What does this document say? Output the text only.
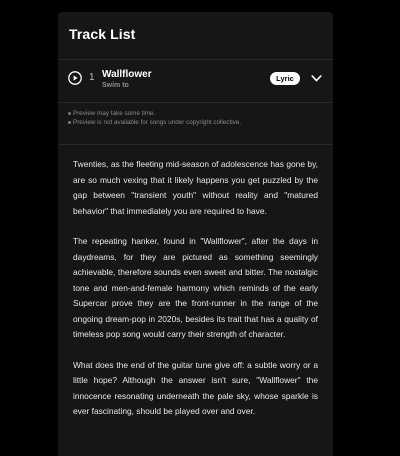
Track List
1 Wallflower
Swim to
Lyric
Preview may take some time.
Preview is not available for songs under copyright collective.

Twenties, as the fleeting mid-season of adolescence has gone by, are so much vexing that it likely happens you get puzzled by the gap between "transient youth" without reality and "matured behavior" that immediately you are required to have.

The repeating hanker, found in "Wallflower", after the days in daydreams, for they are pictured as something seemingly achievable, therefore sounds even sweet and bitter. The nostalgic tone and men-and-female harmony which reminds of the early Supercar prove they are the front-runner in the range of the ongoing dream-pop in 2020s, besides its trait that has a quality of timeless pop song would carry their strength of character.

What does the end of the guitar tune give off: a subtle worry or a little hope? Although the answer isn't sure, "Wallflower" the innocence resonating underneath the pale sky, whose sparkle is ever fascinating, should be played over and over.
